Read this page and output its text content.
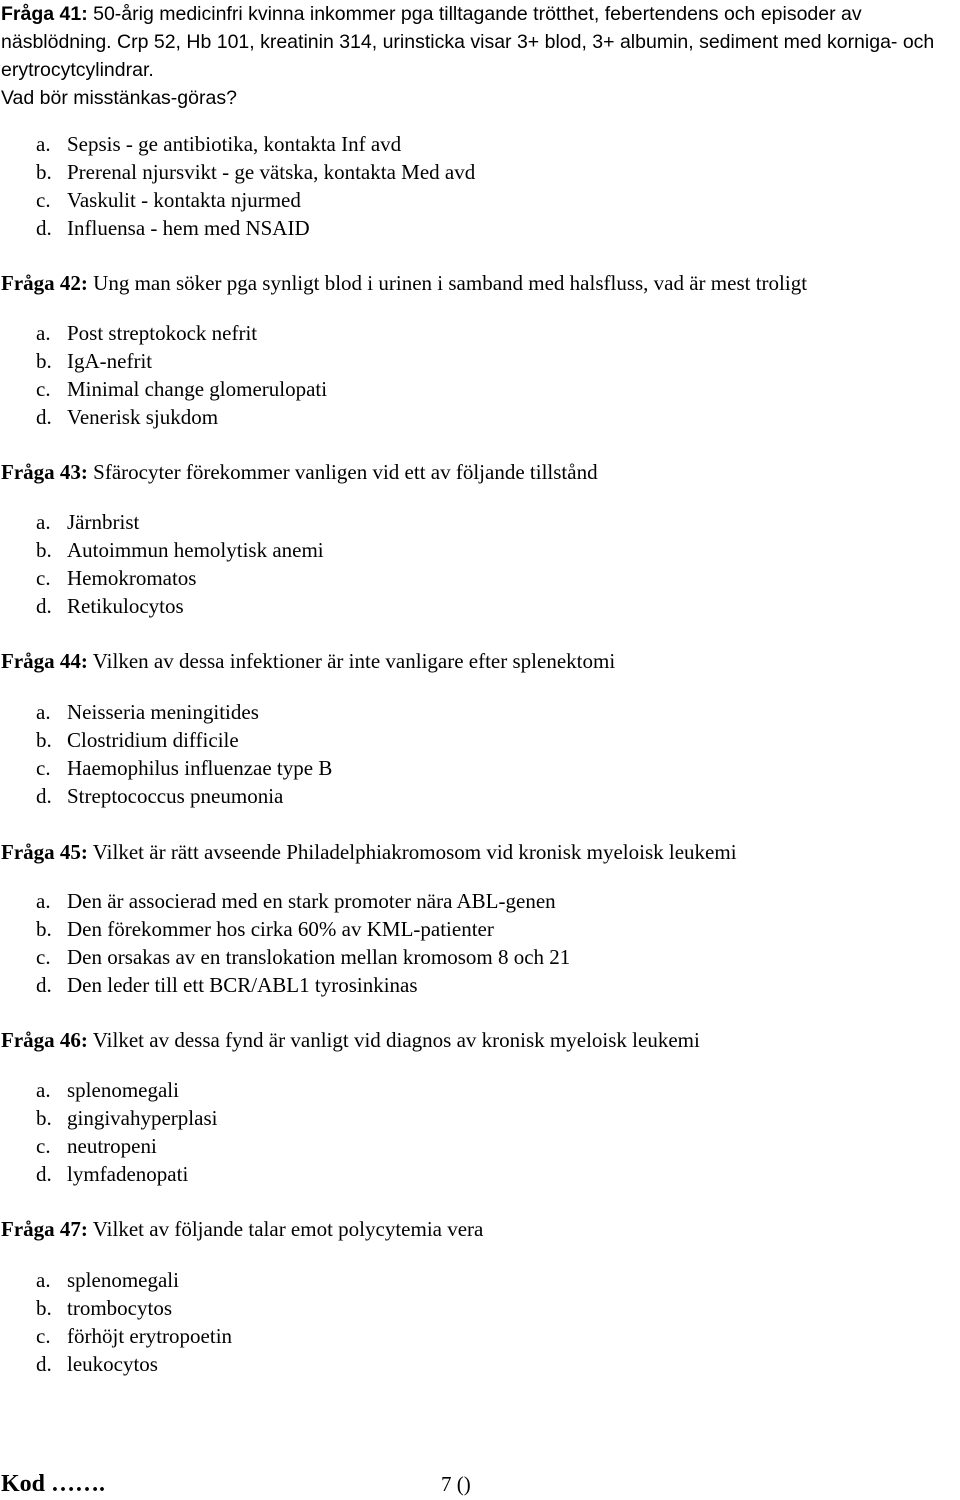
Fråga 41: 50-årig medicinfri kvinna inkommer pga tilltagande trötthet, febertendens och episoder av näsblödning. Crp 52, Hb 101, kreatinin 314, urinsticka visar 3+ blod, 3+ albumin, sediment med korniga- och erytrocytcylindrar.
Vad bör misstänkas-göras?
a. Sepsis - ge antibiotika, kontakta Inf avd
b. Prerenal njursvikt - ge vätska, kontakta Med avd
c. Vaskulit - kontakta njurmed
d. Influensa - hem med NSAID
Fråga 42: Ung man söker pga synligt blod i urinen i samband med halsfluss, vad är mest troligt
a. Post streptokock nefrit
b. IgA-nefrit
c. Minimal change glomerulopati
d. Venerisk sjukdom
Fråga 43: Sfärocyter förekommer vanligen vid ett av följande tillstånd
a. Järnbrist
b. Autoimmun hemolytisk anemi
c. Hemokromatos
d. Retikulocytos
Fråga 44: Vilken av dessa infektioner är inte vanligare efter splenektomi
a. Neisseria meningitides
b. Clostridium difficile
c. Haemophilus influenzae type B
d. Streptococcus pneumonia
Fråga 45: Vilket är rätt avseende Philadelphiakromosom vid kronisk myeloisk leukemi
a. Den är associerad med en stark promoter nära ABL-genen
b. Den förekommer hos cirka 60% av KML-patienter
c. Den orsakas av en translokation mellan kromosom 8 och 21
d. Den leder till ett BCR/ABL1 tyrosinkinas
Fråga 46: Vilket av dessa fynd är vanligt vid diagnos av kronisk myeloisk leukemi
a. splenomegali
b. gingivahyperplasi
c. neutropeni
d. lymfadenopati
Fråga 47: Vilket av följande talar emot polycytemia vera
a. splenomegali
b. trombocytos
c. förhöjt erytropoetin
d. leukocytos
Kod …….	7 ()
